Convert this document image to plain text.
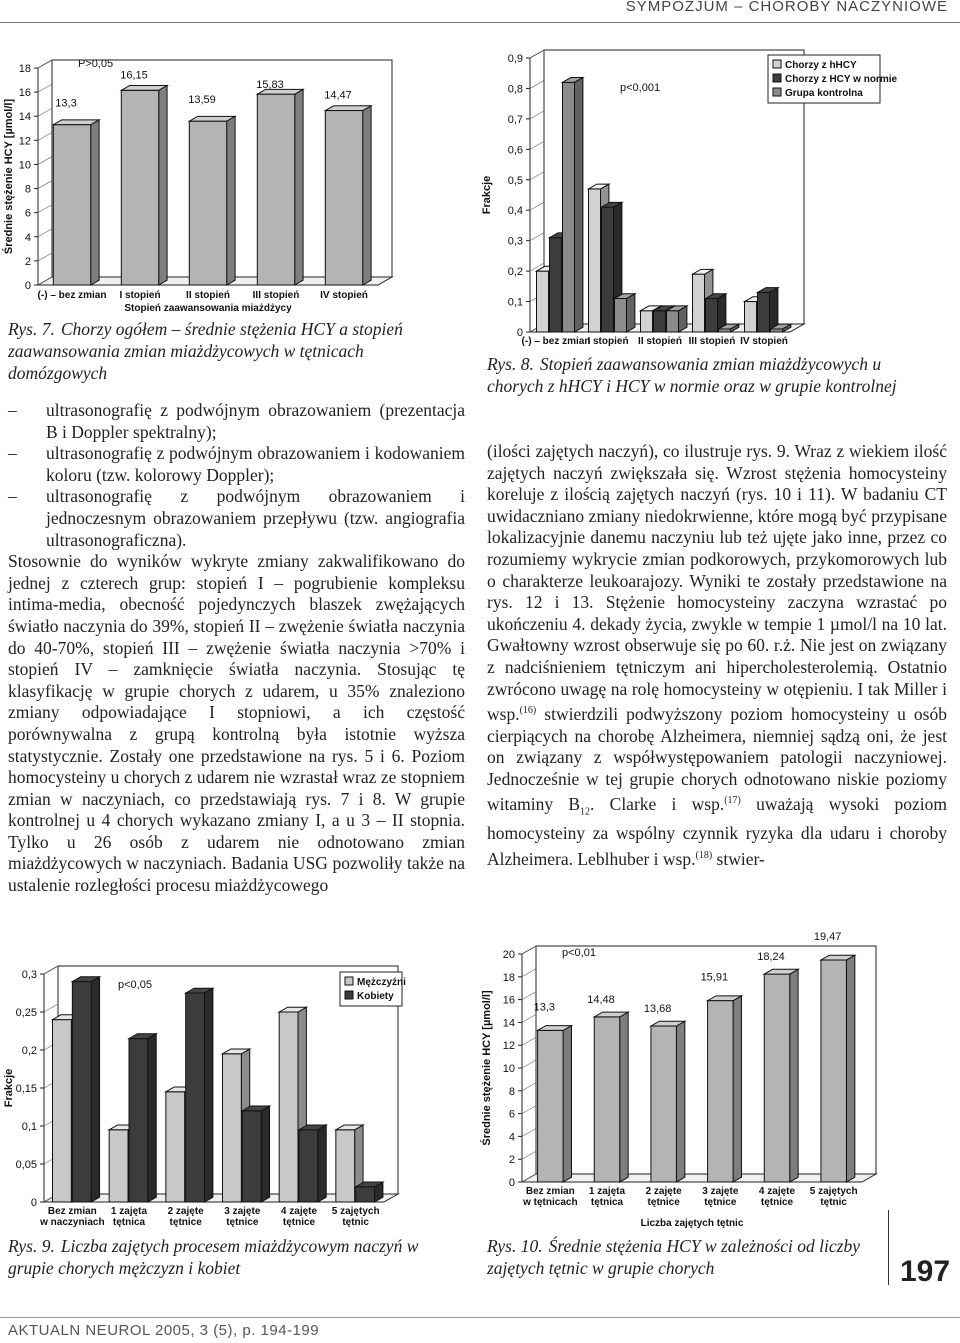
SYMPOZJUM – CHOROBY NACZYNIOWE
0
2
4
6
8
10
12
14
16
18
Średnie stężenie HCY [µmol/l]
(-) – bez zmian
13,3
I stopień
16,15
II stopień
13,59
III stopień
15,83
IV stopień
14,47
Stopień zaawansowania miażdżycy
P>0,05
Rys. 7. Chorzy ogółem – średnie stężenia HCY a stopień zaawansowania zmian miażdżycowych w tętnicach domózgowych
0
0,1
0,2
0,3
0,4
0,5
0,6
0,7
0,8
0,9
Frakcje
(-) – bez zmian
I stopień II stopień III stopień IV stopień
p<0,001
Chorzy z hHCY
Chorzy z HCY w normie
Grupa kontrolna
Rys. 8. Stopień zaawansowania zmian miażdżycowych u chorych z hHCY i HCY w normie oraz w grupie kontrolnej
– ultrasonografię z podwójnym obrazowaniem (prezentacja B i Doppler spektralny);
– ultrasonografię z podwójnym obrazowaniem i kodowaniem koloru (tzw. kolorowy Doppler);
– ultrasonografię z podwójnym obrazowaniem i jednoczesnym obrazowaniem przepływu (tzw. angiografia ultrasonograficzna).

Stosownie do wyników wykryte zmiany zakwalifikowano do jednej z czterech grup: stopień I – pogrubienie kompleksu intima-media, obecność pojedynczych blaszek zwężających światło naczynia do 39%, stopień II – zwężenie światła naczynia do 40-70%, stopień III – zwężenie światła naczynia >70% i stopień IV – zamknięcie światła naczynia. Stosując tę klasyfikację w grupie chorych z udarem, u 35% znaleziono zmiany odpowiadające I stopniowi, a ich częstość porównywalna z grupą kontrolną była istotnie wyższa statystycznie. Zostały one przedstawione na rys. 5 i 6. Poziom homocysteiny u chorych z udarem nie wzrastał wraz ze stopniem zmian w naczyniach, co przedstawiają rys. 7 i 8. W grupie kontrolnej u 4 chorych wykazano zmiany I, a u 3 – II stopnia. Tylko u 26 osób z udarem nie odnotowano zmian miażdżycowych w naczyniach. Badania USG pozwoliły także na ustalenie rozległości procesu miażdżycowego

(ilości zajętych naczyń), co ilustruje rys. 9. Wraz z wiekiem ilość zajętych naczyń zwiększała się. Wzrost stężenia homocysteiny koreluje z ilością zajętych naczyń (rys. 10 i 11). W badaniu CT uwidaczniano zmiany niedokrwienne, które mogą być przypisane lokalizacyjnie danemu naczyniu lub też ujęte jako inne, przez co rozumiemy wykrycie zmian podkorowych, przykomorowych lub o charakterze leukoarajozy. Wyniki te zostały przedstawione na rys. 12 i 13. Stężenie homocysteiny zaczyna wzrastać po ukończeniu 4. dekady życia, zwykle w tempie 1 µmol/l na 10 lat. Gwałtowny wzrost obserwuje się po 60. r.ż. Nie jest on związany z nadciśnieniem tętniczym ani hipercholesterolemią. Ostatnio zwrócono uwagę na rolę homocysteiny w otępieniu. I tak Miller i wsp.$^{(16)}$ stwierdzili podwyższony poziom homocysteiny u osób cierpiących na chorobę Alzheimera, niemniej sądzą oni, że jest on związany z współwystępowaniem patologii naczyniowej. Jednocześnie w tej grupie chorych odnotowano niskie poziomy witaminy $B_{12}$. Clarke i wsp.$^{(17)}$ uważają wysoki poziom homocysteiny za wspólny czynnik ryzyka dla udaru i choroby Alzheimera. Leblhuber i wsp.$^{(18)}$ stwier-

0
0,05
0,1
0,15
0,2
0,25
0,3
Frakcje
Bez zmian
w naczyniach
1 zajęta
tętnica
2 zajęte
tętnice
3 zajęte
tętnice
4 zajęte
tętnice
5 zajętych
tętnic
p<0,05	Mężczyźni
Kobiety
Rys. 9. Liczba zajętych procesem miażdżycowym naczyń w grupie chorych mężczyzn i kobiet
0
2
4
6
8
10
12
14
16
18
20
Średnie stężenie HCY [µmol/l]
Bez zmian
w tętnicach
13,3
1 zajęta
tętnica
14,48
2 zajęte
tętnice
13,68
3 zajęte
tętnice
15,91
4 zajęte
tętnice
18,24
5 zajętych
tętnic
19,47
Liczba zajętych tętnic
p<0,01
Rys. 10. Średnie stężenia HCY w zależności od liczby zajętych tętnic w grupie chorych	197
AKTUALN NEUROL 2005, 3 (5), p. 194-199
